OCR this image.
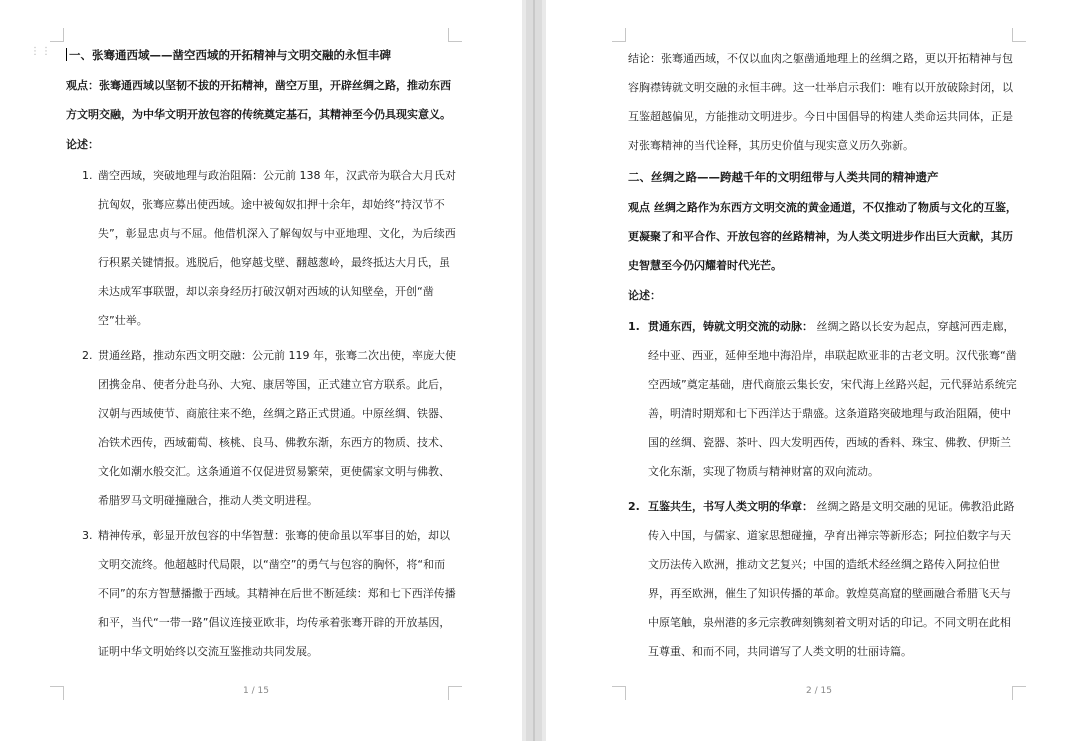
⋮⋮ 一、张骞通西域——凿空西域的开拓精神与文明交融的永恒丰碑
观点：张骞通西域以坚韧不拔的开拓精神，凿空万里，开辟丝绸之路，推动东西方文明交融，为中华文明开放包容的传统奠定基石，其精神至今仍具现实意义。
论述：
1. 凿空西域，突破地理与政治阻隔：公元前 138 年，汉武帝为联合大月氏对抗匈奴，张骞应募出使西域。途中被匈奴扣押十余年，却始终“持汉节不失”，彰显忠贞与不屈。他借机深入了解匈奴与中亚地理、文化，为后续西行积累关键情报。逃脱后，他穿越戈壁、翻越葱岭，最终抵达大月氏，虽未达成军事联盟，却以亲身经历打破汉朝对西域的认知壁垒，开创“凿空”壮举。
2. 贯通丝路，推动东西文明交融：公元前 119 年，张骞二次出使，率庞大使团携金帛、使者分赴乌孙、大宛、康居等国，正式建立官方联系。此后，汉朝与西域使节、商旅往来不绝，丝绸之路正式贯通。中原丝绸、铁器、冶铁术西传，西域葡萄、核桃、良马、佛教东渐，东西方的物质、技术、文化如潮水般交汇。这条通道不仅促进贸易繁荣，更使儒家文明与佛教、希腊罗马文明碰撞融合，推动人类文明进程。
3. 精神传承，彰显开放包容的中华智慧：张骞的使命虽以军事目的始，却以文明交流终。他超越时代局限，以“凿空”的勇气与包容的胸怀，将“和而不同”的东方智慧播撒于西域。其精神在后世不断延续：郑和七下西洋传播和平，当代“一带一路”倡议连接亚欧非，均传承着张骞开辟的开放基因，证明中华文明始终以交流互鉴推动共同发展。
1 / 15
结论：张骞通西域，不仅以血肉之躯凿通地理上的丝绸之路，更以开拓精神与包容胸襟铸就文明交融的永恒丰碑。这一壮举启示我们：唯有以开放破除封闭，以互鉴超越偏见，方能推动文明进步。今日中国倡导的构建人类命运共同体，正是对张骞精神的当代诠释，其历史价值与现实意义历久弥新。
二、丝绸之路——跨越千年的文明纽带与人类共同的精神遗产
观点 丝绸之路作为东西方文明交流的黄金通道，不仅推动了物质与文化的互鉴，更凝聚了和平合作、开放包容的丝路精神，为人类文明进步作出巨大贡献，其历史智慧至今仍闪耀着时代光芒。
论述：
1. 贯通东西，铸就文明交流的动脉： 丝绸之路以长安为起点，穿越河西走廊，经中亚、西亚，延伸至地中海沿岸，串联起欧亚非的古老文明。汉代张骞“凿空西域”奠定基础，唐代商旅云集长安，宋代海上丝路兴起，元代驿站系统完善，明清时期郑和七下西洋达于鼎盛。这条道路突破地理与政治阻隔，使中国的丝绸、瓷器、茶叶、四大发明西传，西域的香料、珠宝、佛教、伊斯兰文化东渐，实现了物质与精神财富的双向流动。
2. 互鉴共生，书写人类文明的华章： 丝绸之路是文明交融的见证。佛教沿此路传入中国，与儒家、道家思想碰撞，孕育出禅宗等新形态；阿拉伯数字与天文历法传入欧洲，推动文艺复兴；中国的造纸术经丝绸之路传入阿拉伯世界，再至欧洲，催生了知识传播的革命。敦煌莫高窟的壁画融合希腊飞天与中原笔触，泉州港的多元宗教碑刻镌刻着文明对话的印记。不同文明在此相互尊重、和而不同，共同谱写了人类文明的壮丽诗篇。
2 / 15
